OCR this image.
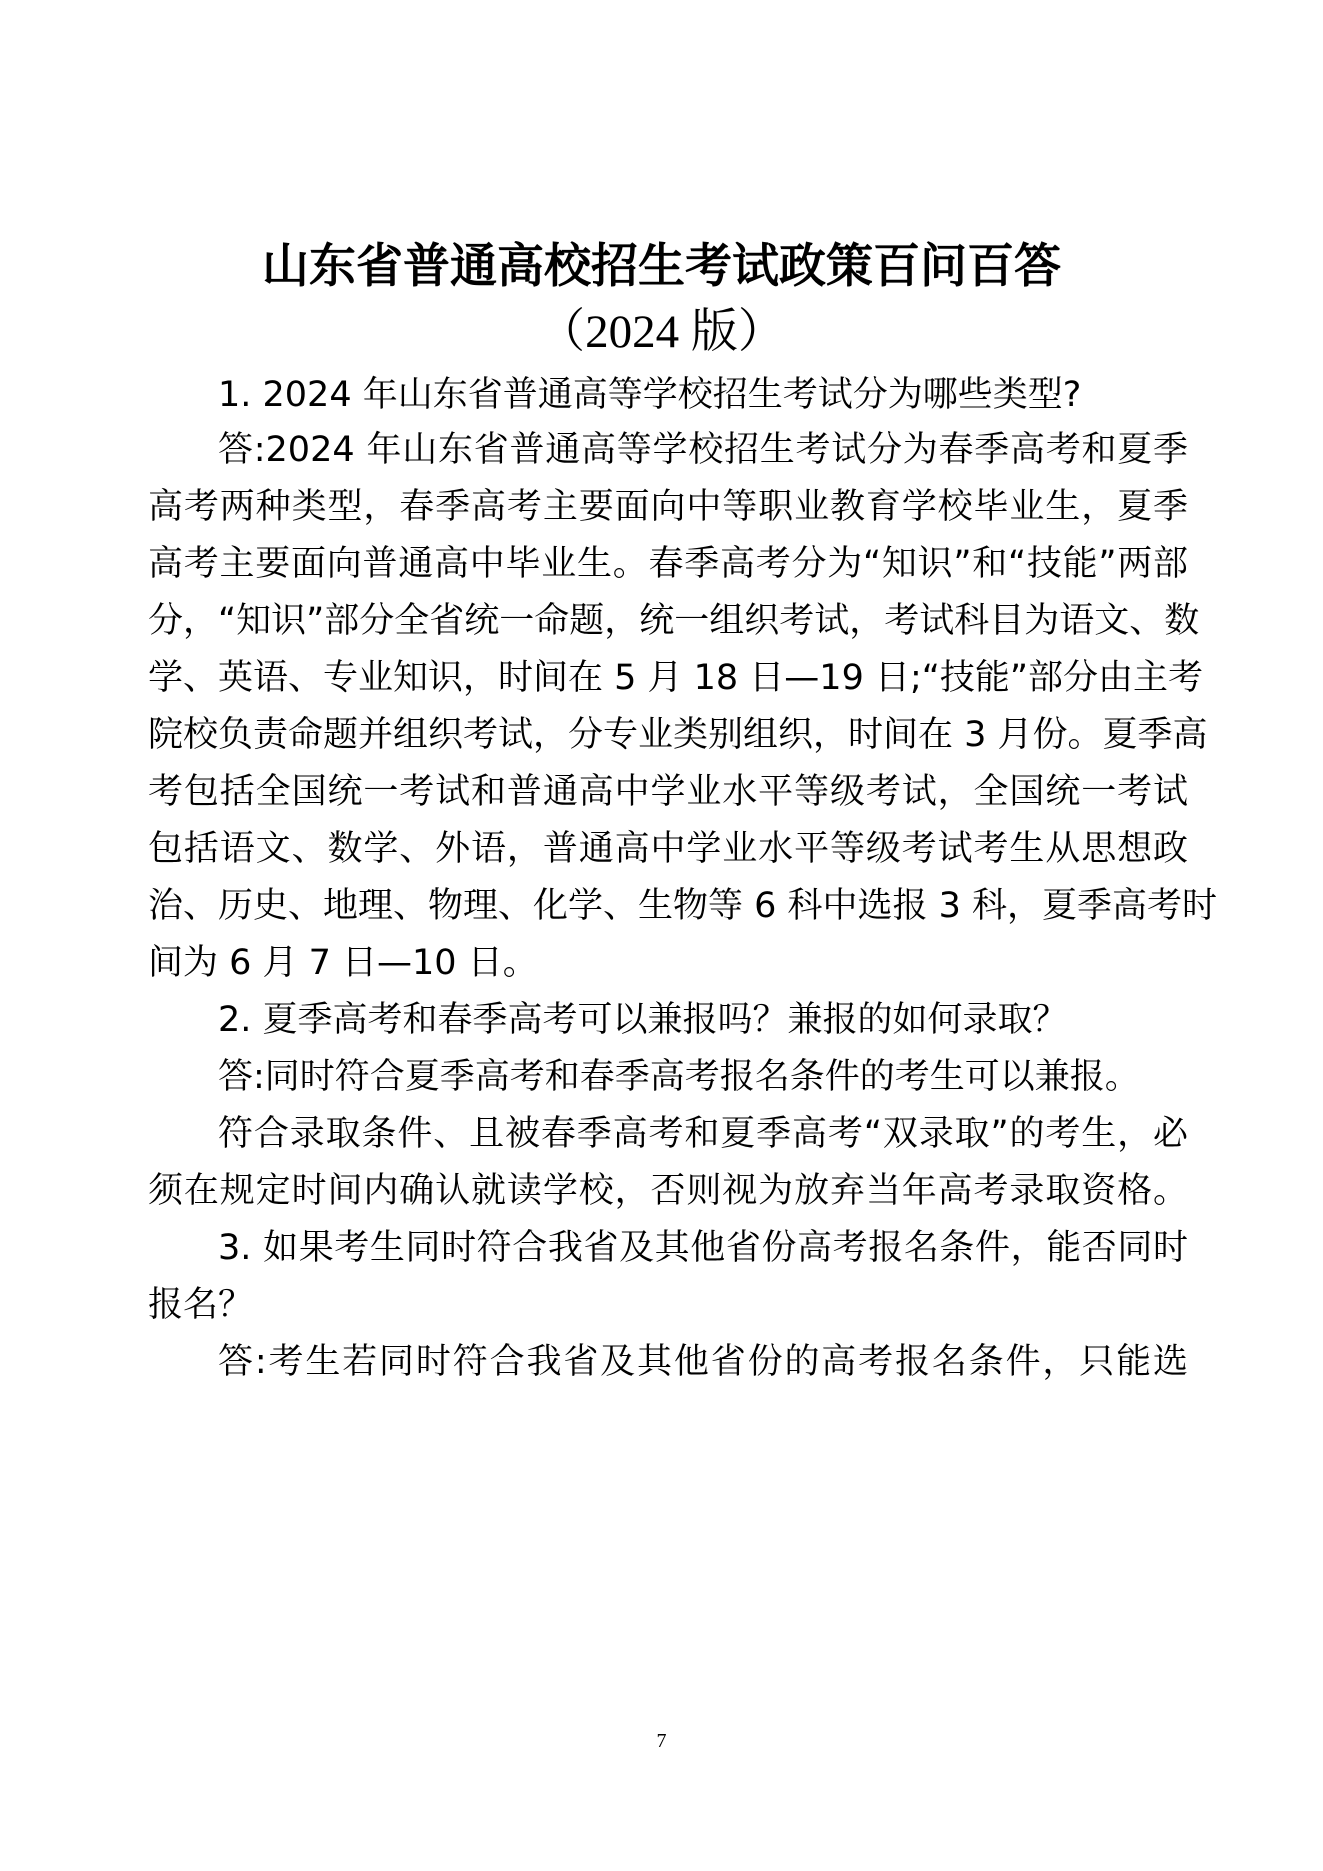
山东省普通高校招生考试政策百问百答
（2024 版）
1. 2024 年山东省普通高等学校招生考试分为哪些类型?
答:2024 年山东省普通高等学校招生考试分为春季高考和夏季
高考两种类型，春季高考主要面向中等职业教育学校毕业生，夏季
高考主要面向普通高中毕业生。春季高考分为“知识”和“技能”两部
分，“知识”部分全省统一命题，统一组织考试，考试科目为语文、数
学、英语、专业知识，时间在 5 月 18 日—19 日;“技能”部分由主考
院校负责命题并组织考试，分专业类别组织，时间在 3 月份。夏季高
考包括全国统一考试和普通高中学业水平等级考试，全国统一考试
包括语文、数学、外语，普通高中学业水平等级考试考生从思想政
治、历史、地理、物理、化学、生物等 6 科中选报 3 科，夏季高考时
间为 6 月 7 日—10 日。
2. 夏季高考和春季高考可以兼报吗？兼报的如何录取？
答:同时符合夏季高考和春季高考报名条件的考生可以兼报。
符合录取条件、且被春季高考和夏季高考“双录取”的考生，必
须在规定时间内确认就读学校，否则视为放弃当年高考录取资格。
3. 如果考生同时符合我省及其他省份高考报名条件，能否同时
报名？
答:考生若同时符合我省及其他省份的高考报名条件，只能选
7
